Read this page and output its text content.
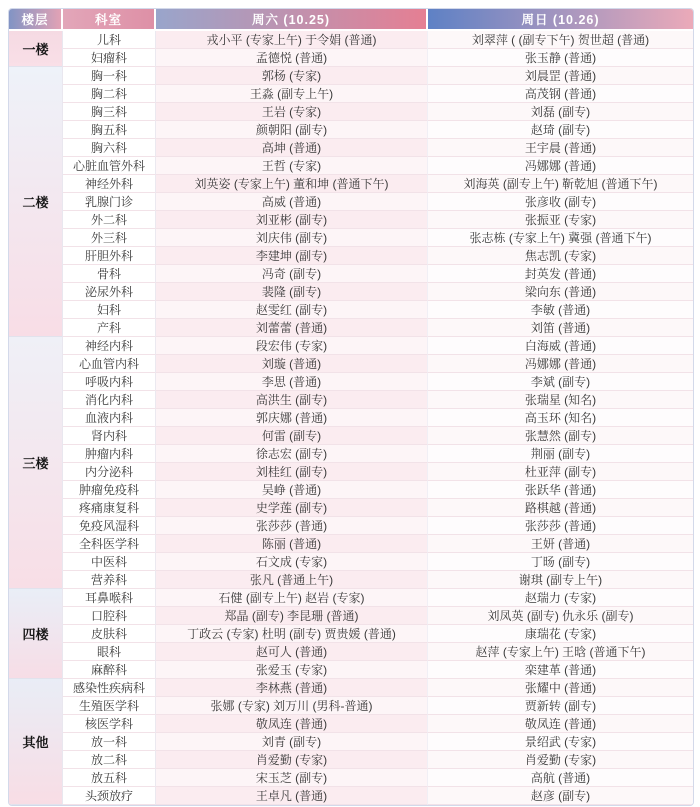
楼层	科室	周六 (10.25)	周日 (10.26)
一楼	儿科	戎小平 (专家上午) 于令娟 (普通)	刘翠萍 ( (副专下午) 贺世超 (普通)
	妇瘤科	孟德悦 (普通)	张玉静 (普通)
二楼	胸一科	郭杨 (专家)	刘晨罡 (普通)
	胸二科	王淼 (副专上午)	高茂钢 (普通)
	胸三科	王岩 (专家)	刘磊 (副专)
	胸五科	颜朝阳 (副专)	赵琦 (副专)
	胸六科	高坤 (普通)	王宇晨 (普通)
	心脏血管外科	王哲 (专家)	冯娜娜 (普通)
	神经外科	刘英姿 (专家上午) 董和坤 (普通下午)	刘海英 (副专上午) 靳乾旭 (普通下午)
	乳腺门诊	高威 (普通)	张彦收 (副专)
	外二科	刘亚彬 (副专)	张振亚 (专家)
	外三科	刘庆伟 (副专)	张志栋 (专家上午) 冀强 (普通下午)
	肝胆外科	李建坤 (副专)	焦志凯 (专家)
	骨科	冯奇 (副专)	封英发 (普通)
	泌尿外科	裴隆 (副专)	梁向东 (普通)
	妇科	赵雯红 (副专)	李敏 (普通)
	产科	刘蕾蕾 (普通)	刘笛 (普通)
三楼	神经内科	段宏伟 (专家)	白海威 (普通)
	心血管内科	刘璇 (普通)	冯娜娜 (普通)
	呼吸内科	李思 (普通)	李斌 (副专)
	消化内科	高洪生 (副专)	张瑞星 (知名)
	血液内科	郭庆娜 (普通)	高玉环 (知名)
	肾内科	何雷 (副专)	张慧然 (副专)
	肿瘤内科	徐志宏 (副专)	荆丽 (副专)
	内分泌科	刘桂红 (副专)	杜亚萍 (副专)
	肿瘤免疫科	吴峥 (普通)	张跃华 (普通)
	疼痛康复科	史学莲 (副专)	路棋越 (普通)
	免疫风湿科	张莎莎 (普通)	张莎莎 (普通)
	全科医学科	陈丽 (普通)	王妍 (普通)
	中医科	石文成 (专家)	丁旸 (副专)
	营养科	张凡 (普通上午)	谢琪 (副专上午)
四楼	耳鼻喉科	石健 (副专上午) 赵岩 (专家)	赵瑞力 (专家)
	口腔科	郑晶 (副专) 李昆珊 (普通)	刘凤英 (副专) 仇永乐 (副专)
	皮肤科	丁政云 (专家) 杜明 (副专) 贾贵媛 (普通)	康瑞花 (专家)
	眼科	赵可人 (普通)	赵萍 (专家上午) 王晗 (普通下午)
	麻醉科	张爱玉 (专家)	栾建革 (普通)
其他	感染性疾病科	李林燕 (普通)	张耀中 (普通)
	生殖医学科	张娜 (专家) 刘万川 (男科-普通)	贾新转 (副专)
	核医学科	敬凤连 (普通)	敬凤连 (普通)
	放一科	刘青 (副专)	景绍武 (专家)
	放二科	肖爱勤 (专家)	肖爱勤 (专家)
	放五科	宋玉芝 (副专)	高航 (普通)
	头颈放疗	王卓凡 (普通)	赵彦 (副专)
